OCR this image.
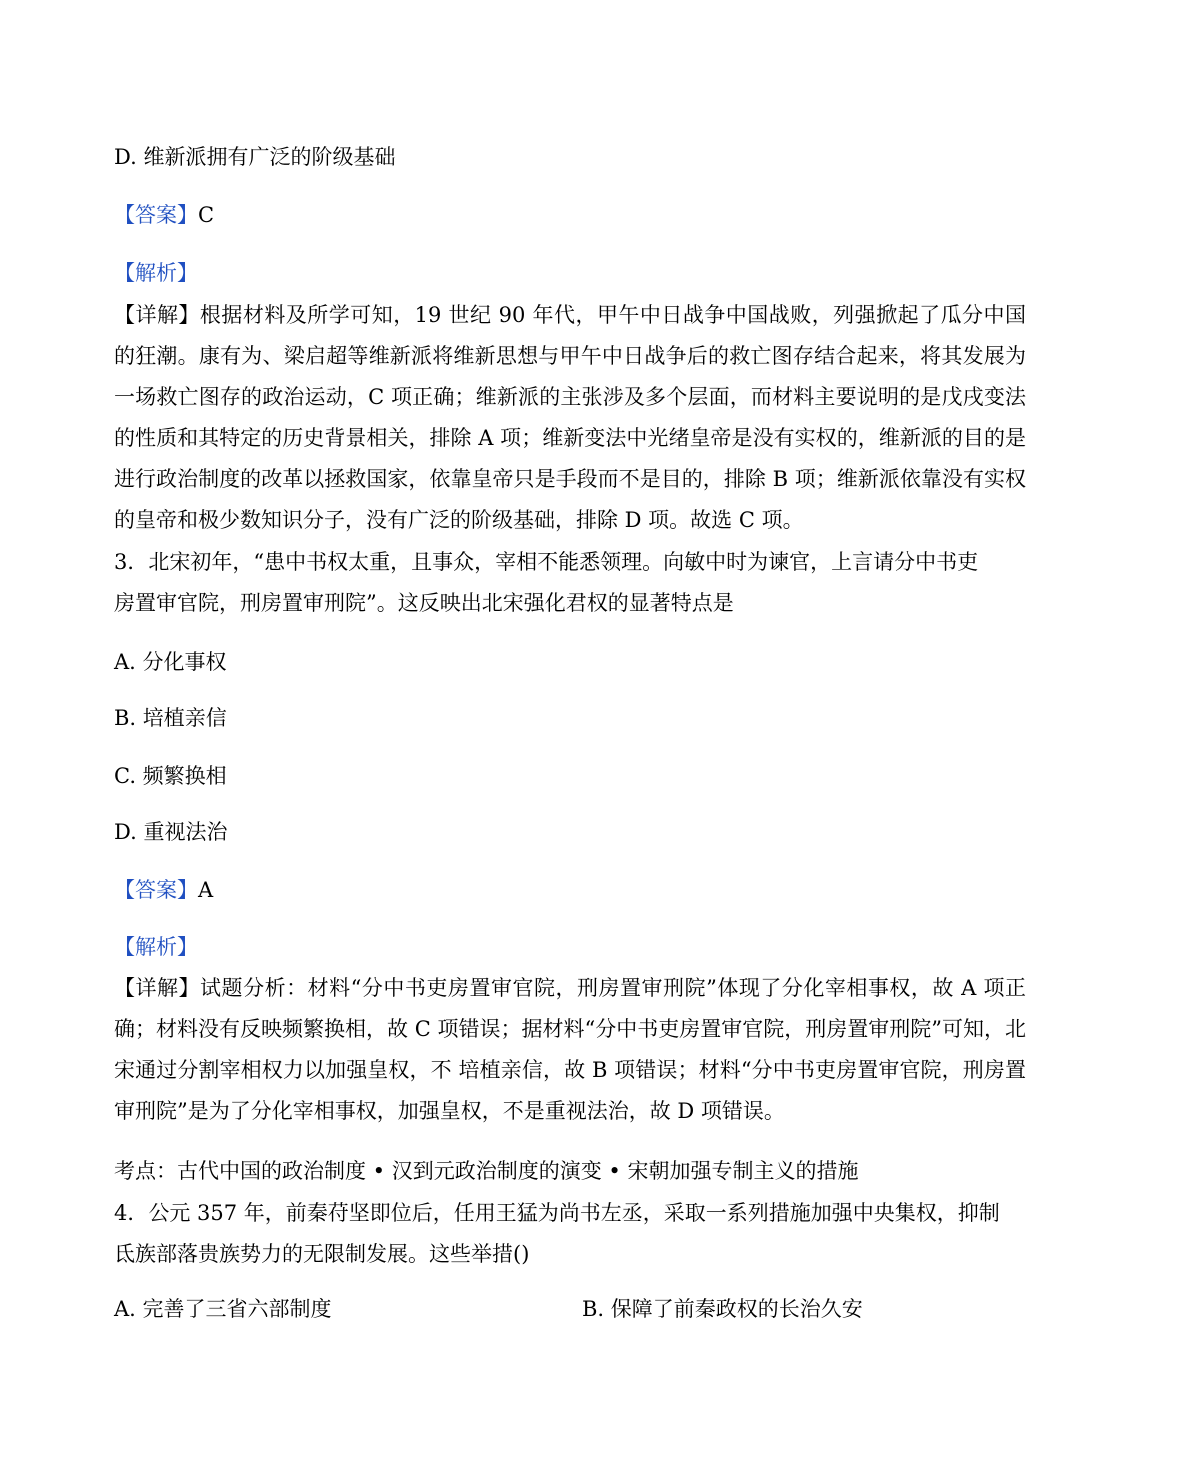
D. 维新派拥有广泛的阶级基础
【答案】C
【解析】
【详解】根据材料及所学可知，19 世纪 90 年代，甲午中日战争中国战败，列强掀起了瓜分中国的狂潮。康有为、梁启超等维新派将维新思想与甲午中日战争后的救亡图存结合起来，将其发展为一场救亡图存的政治运动，C 项正确；维新派的主张涉及多个层面，而材料主要说明的是戊戌变法的性质和其特定的历史背景相关，排除 A 项；维新变法中光绪皇帝是没有实权的，维新派的目的是进行政治制度的改革以拯救国家，依靠皇帝只是手段而不是目的，排除 B 项；维新派依靠没有实权的皇帝和极少数知识分子，没有广泛的阶级基础，排除 D 项。故选 C 项。
3．北宋初年，“患中书权太重，且事众，宰相不能悉领理。向敏中时为谏官，上言请分中书吏
房置审官院，刑房置审刑院”。这反映出北宋强化君权的显著特点是
A. 分化事权
B. 培植亲信
C. 频繁换相
D. 重视法治
【答案】A
【解析】
【详解】试题分析：材料“分中书吏房置审官院，刑房置审刑院”体现了分化宰相事权，故 A 项正确；材料没有反映频繁换相，故 C 项错误；据材料“分中书吏房置审官院，刑房置审刑院”可知，北宋通过分割宰相权力以加强皇权，不 培植亲信，故 B 项错误；材料“分中书吏房置审官院，刑房置审刑院”是为了分化宰相事权，加强皇权，不是重视法治，故 D 项错误。
考点：古代中国的政治制度 • 汉到元政治制度的演变 • 宋朝加强专制主义的措施
4．公元 357 年，前秦苻坚即位后，任用王猛为尚书左丞，采取一系列措施加强中央集权，抑制
氐族部落贵族势力的无限制发展。这些举措()
A. 完善了三省六部制度	B. 保障了前秦政权的长治久安
